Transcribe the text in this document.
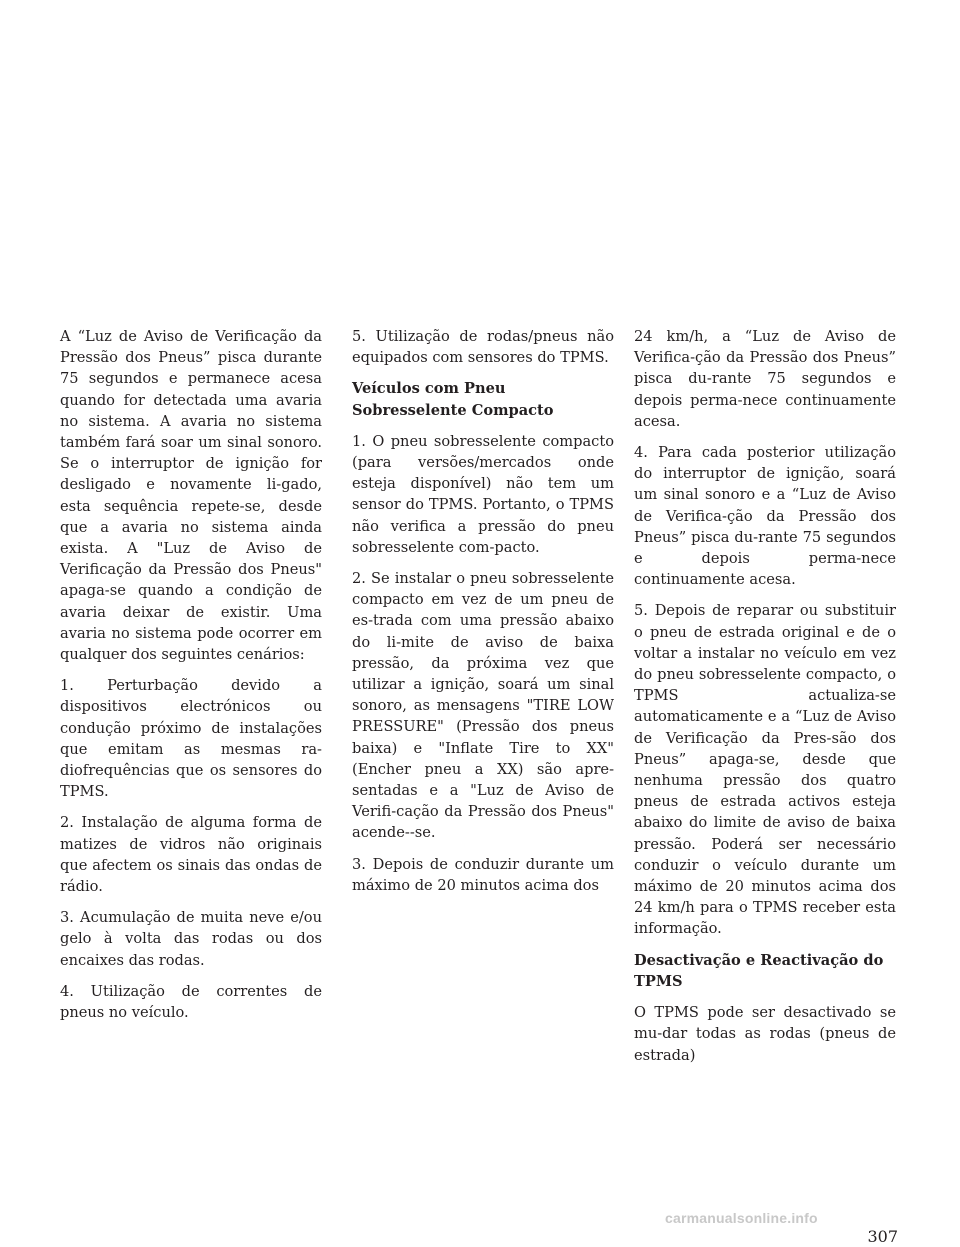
A “Luz de Aviso de Verificação da Pressão dos Pneus” pisca durante 75 segundos e permanece acesa quando for detectada uma avaria no sistema. A avaria no sistema também fará soar um sinal sonoro. Se o interruptor de ignição for desligado e novamente li-gado, esta sequência repete-se, desde que a avaria no sistema ainda exista. A "Luz de Aviso de Verificação da Pressão dos Pneus" apaga-se quando a condição de avaria deixar de existir. Uma avaria no sistema pode ocorrer em qualquer dos seguintes cenários:

1. Perturbação devido a dispositivos electrónicos ou condução próximo de instalações que emitam as mesmas ra-diofrequências que os sensores do TPMS.

2. Instalação de alguma forma de matizes de vidros não originais que afectem os sinais das ondas de rádio.

3. Acumulação de muita neve e/ou gelo à volta das rodas ou dos encaixes das rodas.

4. Utilização de correntes de pneus no veículo.

5. Utilização de rodas/pneus não equipados com sensores do TPMS.

Veículos com Pneu Sobresselente Compacto

1. O pneu sobresselente compacto (para versões/mercados onde esteja disponível) não tem um sensor do TPMS. Portanto, o TPMS não verifica a pressão do pneu sobresselente com-pacto.

2. Se instalar o pneu sobresselente compacto em vez de um pneu de es-trada com uma pressão abaixo do li-mite de aviso de baixa pressão, da próxima vez que utilizar a ignição, soará um sinal sonoro, as mensagens "TIRE LOW PRESSURE" (Pressão dos pneus baixa) e "Inflate Tire to XX" (Encher pneu a XX) são apre-sentadas e a "Luz de Aviso de Verifi-cação da Pressão dos Pneus" acende--se.

3. Depois de conduzir durante um máximo de 20 minutos acima dos

24 km/h, a “Luz de Aviso de Verifica-ção da Pressão dos Pneus” pisca du-rante 75 segundos e depois perma-nece continuamente acesa.

4. Para cada posterior utilização do interruptor de ignição, soará um sinal sonoro e a “Luz de Aviso de Verifica-ção da Pressão dos Pneus” pisca du-rante 75 segundos e depois perma-nece continuamente acesa.

5. Depois de reparar ou substituir o pneu de estrada original e de o voltar a instalar no veículo em vez do pneu sobresselente compacto, o TPMS actualiza-se automaticamente e a “Luz de Aviso de Verificação da Pres-são dos Pneus” apaga-se, desde que nenhuma pressão dos quatro pneus de estrada activos esteja abaixo do limite de aviso de baixa pressão. Poderá ser necessário conduzir o veículo durante um máximo de 20 minutos acima dos 24 km/h para o TPMS receber esta informação.

Desactivação e Reactivação do TPMS

O TPMS pode ser desactivado se mu-dar todas as rodas (pneus de estrada)

307
carmanualsonline.info
